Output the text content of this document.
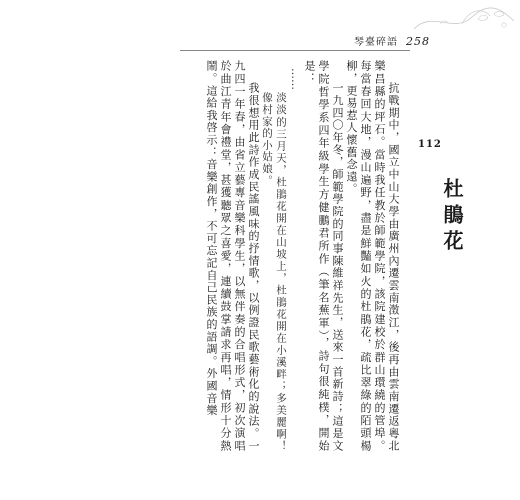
琴臺碎語 258
112
杜鵑花

抗戰期中，國立中山大學由廣州內遷雲南澂江，後再由雲南遷返粵北樂昌縣的坪石。當時我任教於師範學院，該院建校於群山環繞的管埠。每當春回大地，漫山遍野，盡是鮮豔如火的杜鵑花，疏比翠綠的陌頭楊柳，更易惹人懷舊念遠。

一九四〇年冬，師範學院的同事陳維祥先生，送來一首新詩；這是文學院哲學系四年級學生方健鵬君所作（筆名蕪軍），詩句很純樸，開始是：

……
淡淡的三月天，杜鵑花開在山坡上，杜鵑花開在小溪畔；多美麗啊！像村家的小姑娘。

我很想用此詩作成民謠風味的抒情歌，以例證民歌藝術化的說法。一九四一年春，由省立藝專音樂科學生，以無伴奏的合唱形式，初次演唱於曲江青年會禮堂，甚獲聽眾之喜愛，連續鼓掌請求再唱，情形十分熱鬧。這給我啓示：音樂創作，不可忘記自己民族的語調。外國音樂
